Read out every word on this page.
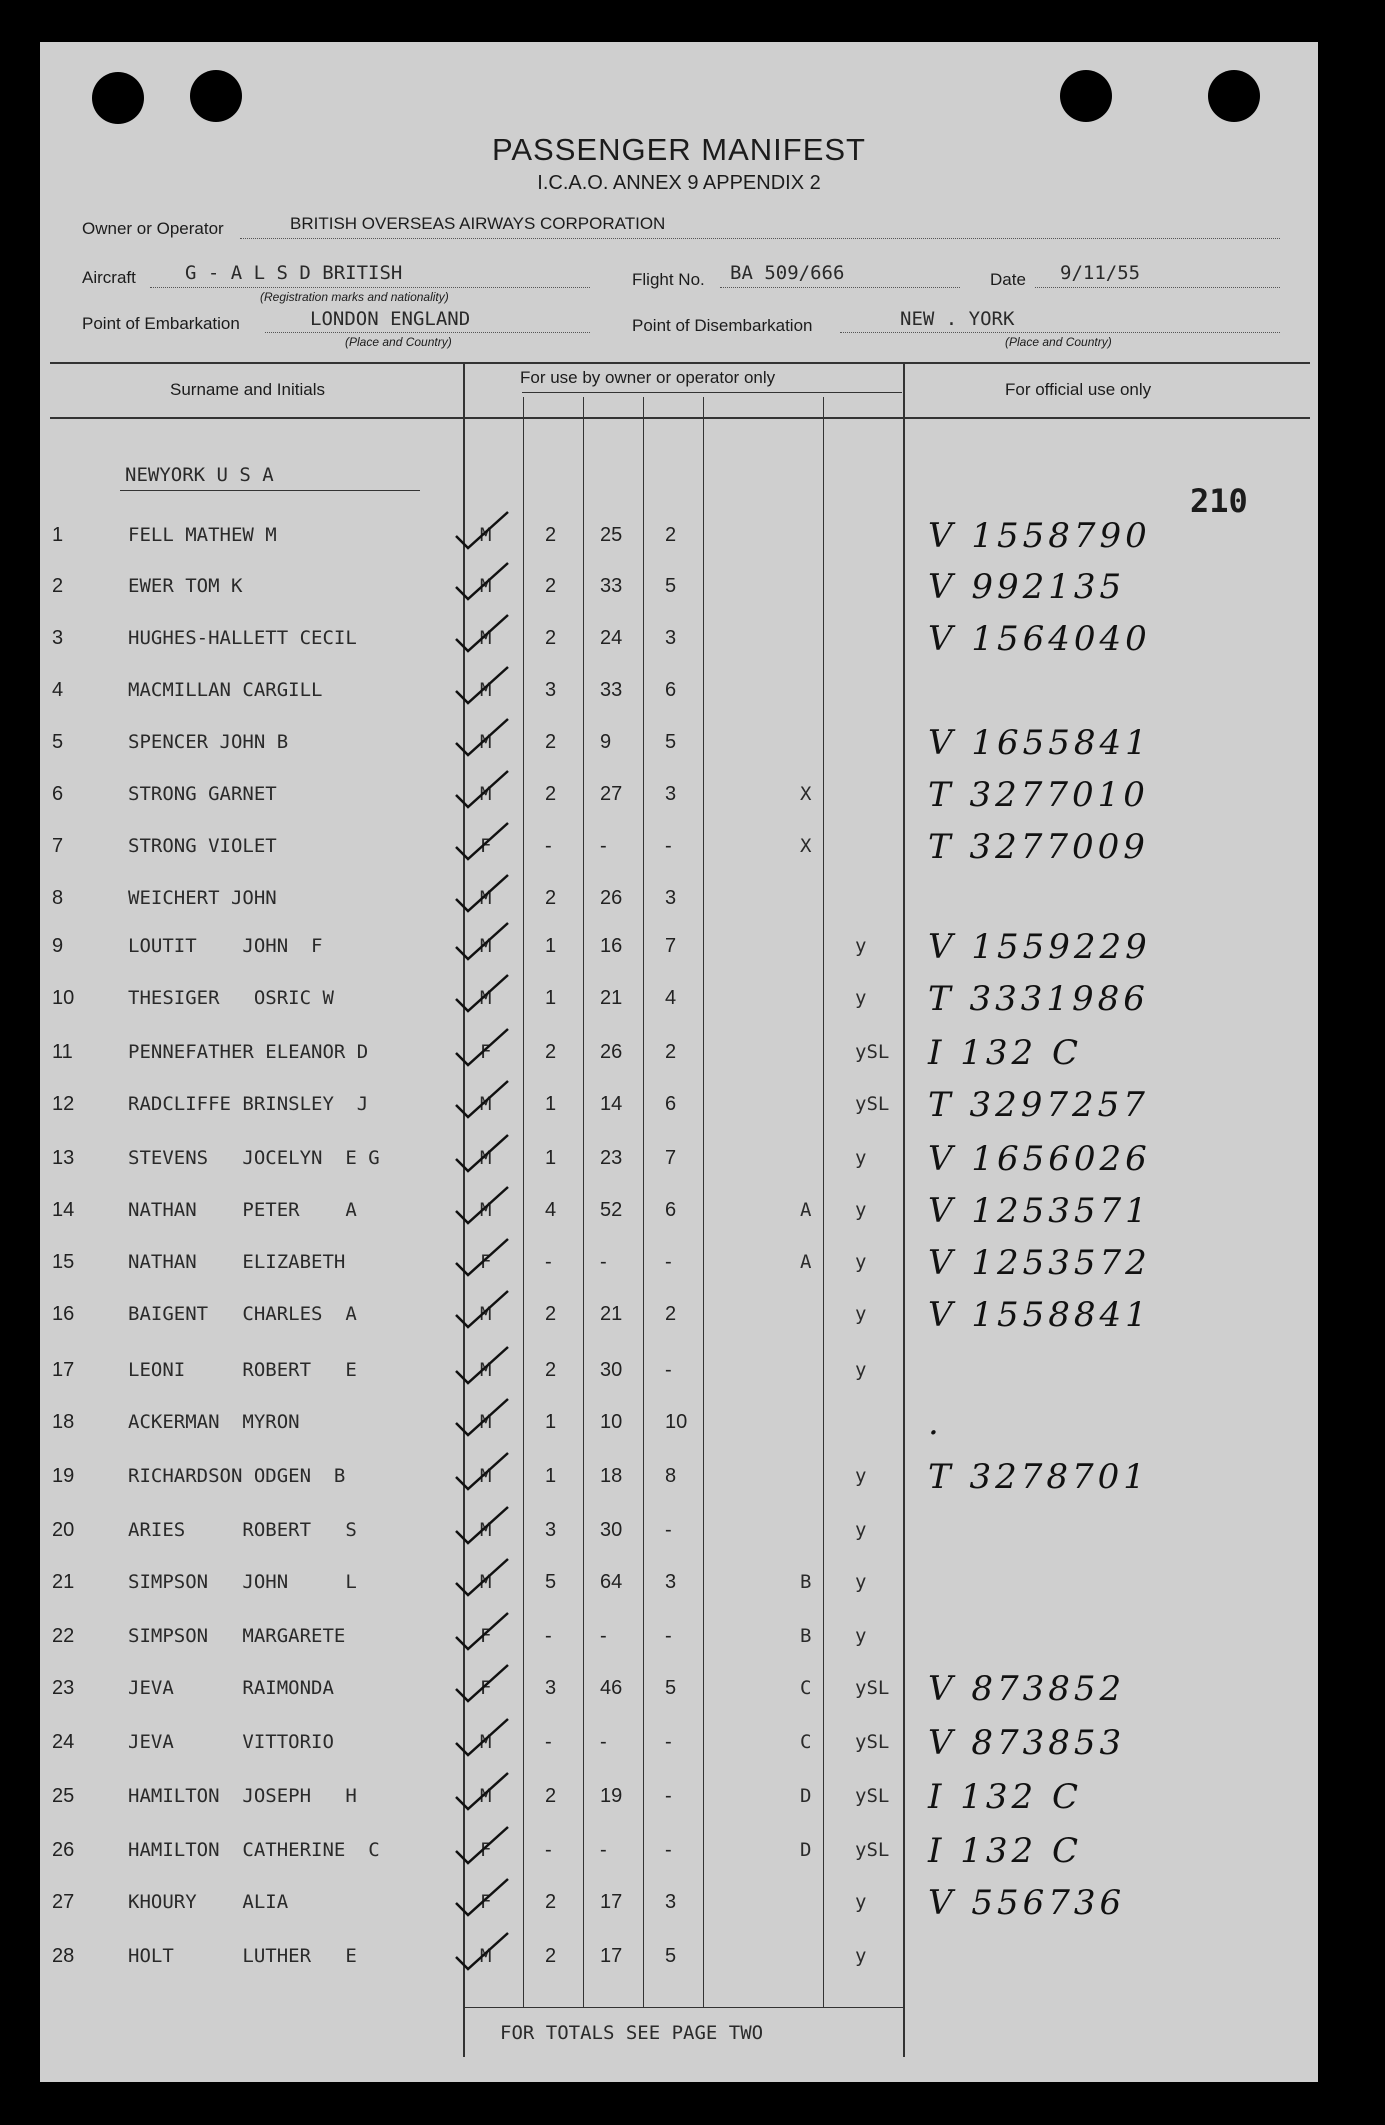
PASSENGER MANIFEST
I.C.A.O. ANNEX 9 APPENDIX 2
Owner or Operator	BRITISH OVERSEAS AIRWAYS CORPORATION
Aircraft	G - A L S D BRITISH
(Registration marks and nationality)
Flight No. BA 509/666	Date 9/11/55
Point of Embarkation	LONDON ENGLAND
(Place and Country)
Point of Disembarkation	NEW . YORK
(Place and Country)
Surname and Initials
For use by owner or operator only
For official use only
NEWYORK U S A
210
1	FELL MATHEW M	M	2 25 2	V 1558790
2	EWER TOM K	M	2 33 5	V 992135
3	HUGHES-HALLETT CECIL	M	2 24 3	V 1564040
4	MACMILLAN CARGILL	M	3 33 6
5	SPENCER JOHN B	M	2 9	5	V 1655841
6	STRONG GARNET	M	2 27 3	X	T 3277010
7	STRONG VIOLET	F	- -	-	X	T 3277009
8	WEICHERT JOHN	M	2 26 3
9	LOUTIT    JOHN  F	M	1 16 7	y V 1559229
10	THESIGER   OSRIC W	M	1 21 4	y T 3331986
11	PENNEFATHER ELEANOR D	F	2 26 2	ySL I 132 C
12	RADCLIFFE BRINSLEY  J	M	1 14 6	ySL T 3297257
13	STEVENS   JOCELYN  E G	M	1 23 7	y V 1656026
14	NATHAN    PETER    A	M	4 52 6	A y V 1253571
15	NATHAN    ELIZABETH	F	- -	-	A y V 1253572
16	BAIGENT   CHARLES  A	M	2 21 2	y V 1558841
17	LEONI     ROBERT   E	M	2 30 -	y
18	ACKERMAN  MYRON	M	1 10 10	.
19	RICHARDSON ODGEN  B	M	1 18 8	y T 3278701
20	ARIES     ROBERT   S	M	3 30 -	y
21	SIMPSON   JOHN     L	M	5 64 3	B y
22	SIMPSON   MARGARETE	F	- -	-	B y
23	JEVA      RAIMONDA	F	3 46 5	C ySL V 873852
24	JEVA      VITTORIO	M	- -	-	C ySL V 873853
25	HAMILTON  JOSEPH   H	M	2 19 -	D ySL I 132 C
26	HAMILTON  CATHERINE  C	F	- -	-	D ySL I 132 C
27	KHOURY    ALIA	F	2 17 3	y V 556736
28	HOLT      LUTHER   E	M	2 17 5	y
FOR TOTALS SEE PAGE TWO
